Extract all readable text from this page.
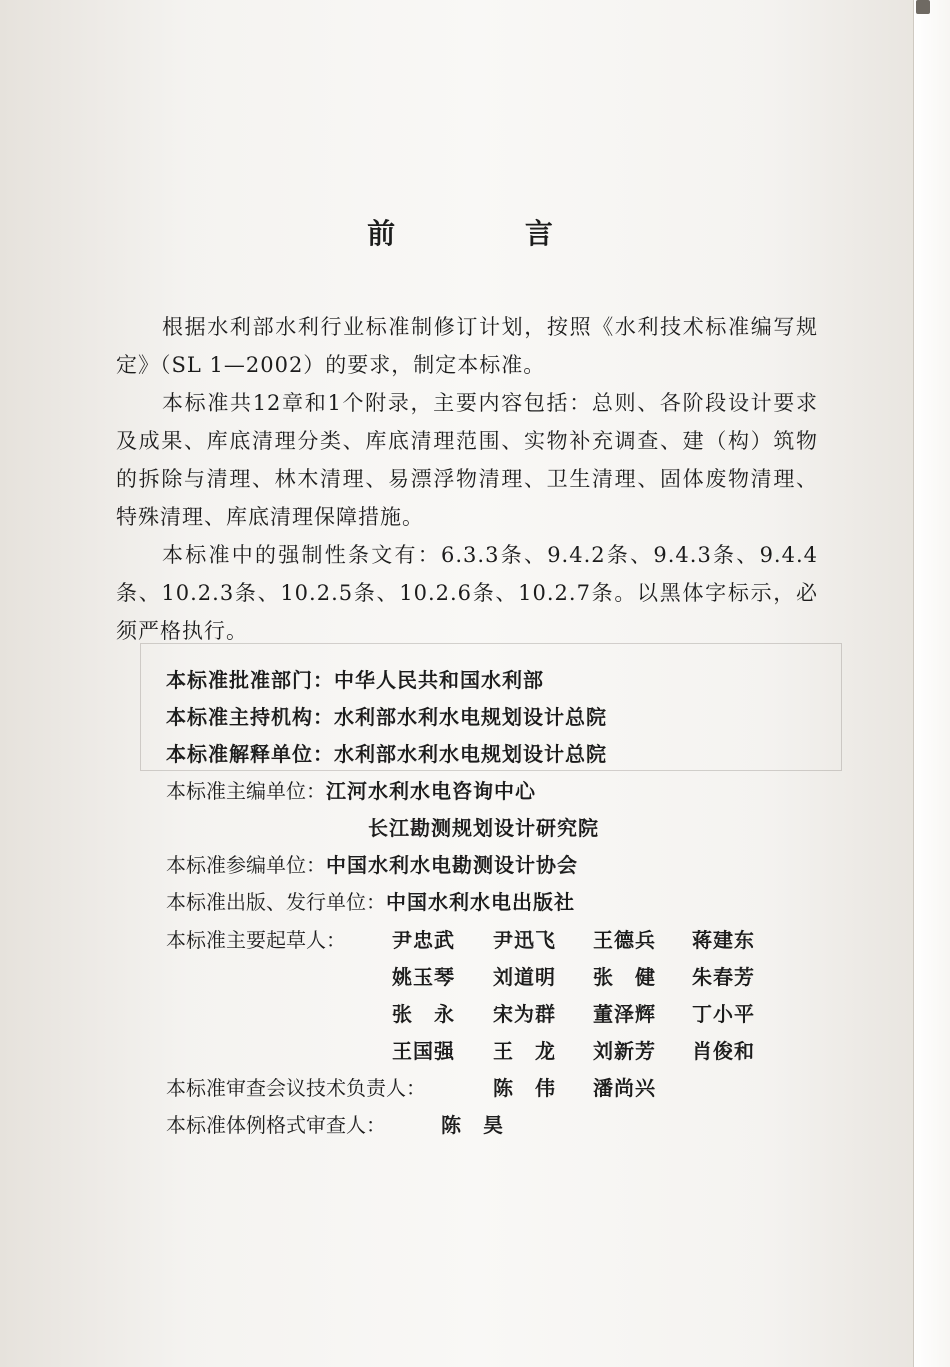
前 言

根据水利部水利行业标准制修订计划，按照《水利技术标准编写规定》（SL 1—2002）的要求，制定本标准。

本标准共12章和1个附录，主要内容包括：总则、各阶段设计要求及成果、库底清理分类、库底清理范围、实物补充调查、建（构）筑物的拆除与清理、林木清理、易漂浮物清理、卫生清理、固体废物清理、特殊清理、库底清理保障措施。

本标准中的强制性条文有：6.3.3条、9.4.2条、9.4.3条、9.4.4条、10.2.3条、10.2.5条、10.2.6条、10.2.7条。以黑体字标示，必须严格执行。

本标准批准部门：中华人民共和国水利部
本标准主持机构：水利部水利水电规划设计总院
本标准解释单位：水利部水利水电规划设计总院
本标准主编单位：江河水利水电咨询中心
长江勘测规划设计研究院
本标准参编单位：中国水利水电勘测设计协会
本标准出版、发行单位：中国水利水电出版社
本标准主要起草人： 尹忠武 尹迅飞 王德兵 蒋建东
姚玉琴 刘道明 张　健 朱春芳
张　永 宋为群 董泽辉 丁小平
王国强 王　龙 刘新芳 肖俊和
本标准审查会议技术负责人：	陈　伟 潘尚兴
本标准体例格式审查人：	陈　昊
